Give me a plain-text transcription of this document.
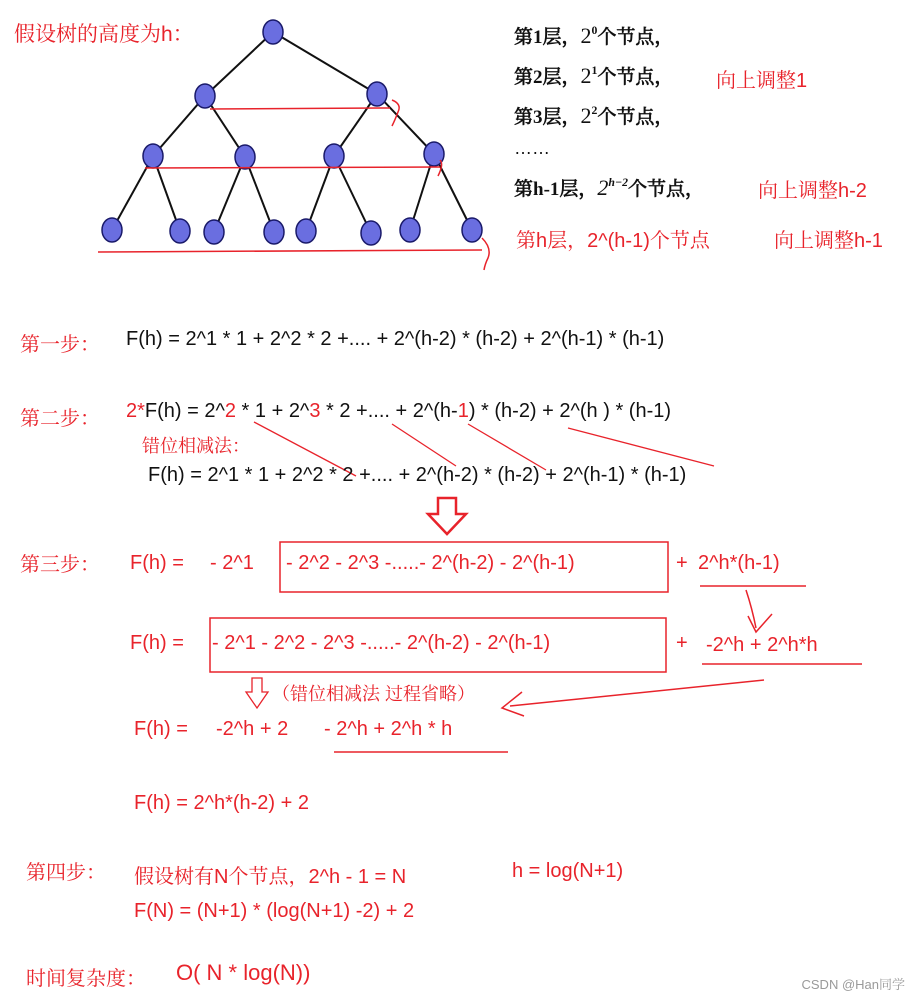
假设树的高度为h：	第1层，$2^0$个节点，
第2层，$2^1$个节点， 向上调整1
第3层，$2^2$个节点，
……
第h-1层，$2^{h-2}$个节点，	向上调整h-2
第h层，2^(h-1)个节点	向上调整h-1
第一步： F(h) = 2^1 * 1 + 2^2 * 2 +.... + 2^(h-2) * (h-2) + 2^(h-1) * (h-1)
第二步： 2*F(h) = 2^2 * 1 + 2^3 * 2 +.... + 2^(h-1) * (h-2) + 2^(h ) * (h-1)
错位相减法：
F(h) = 2^1 * 1 + 2^2 * 2 +.... + 2^(h-2) * (h-2) + 2^(h-1) * (h-1)
第三步： F(h) = - 2^1 - 2^2 - 2^3 -.....- 2^(h-2) - 2^(h-1)	+ 2^h*(h-1)
F(h) = - 2^1 - 2^2 - 2^3 -.....- 2^(h-2) - 2^(h-1)	+ -2^h + 2^h*h
（错位相减法 过程省略）
F(h) = -2^h + 2 - 2^h + 2^h * h
F(h) = 2^h*(h-2) + 2
第四步： 假设树有N个节点，2^h - 1 = N	h = log(N+1)
F(N) = (N+1) * (log(N+1) -2) + 2
时间复杂度： O( N * log(N))	CSDN @Han同学
